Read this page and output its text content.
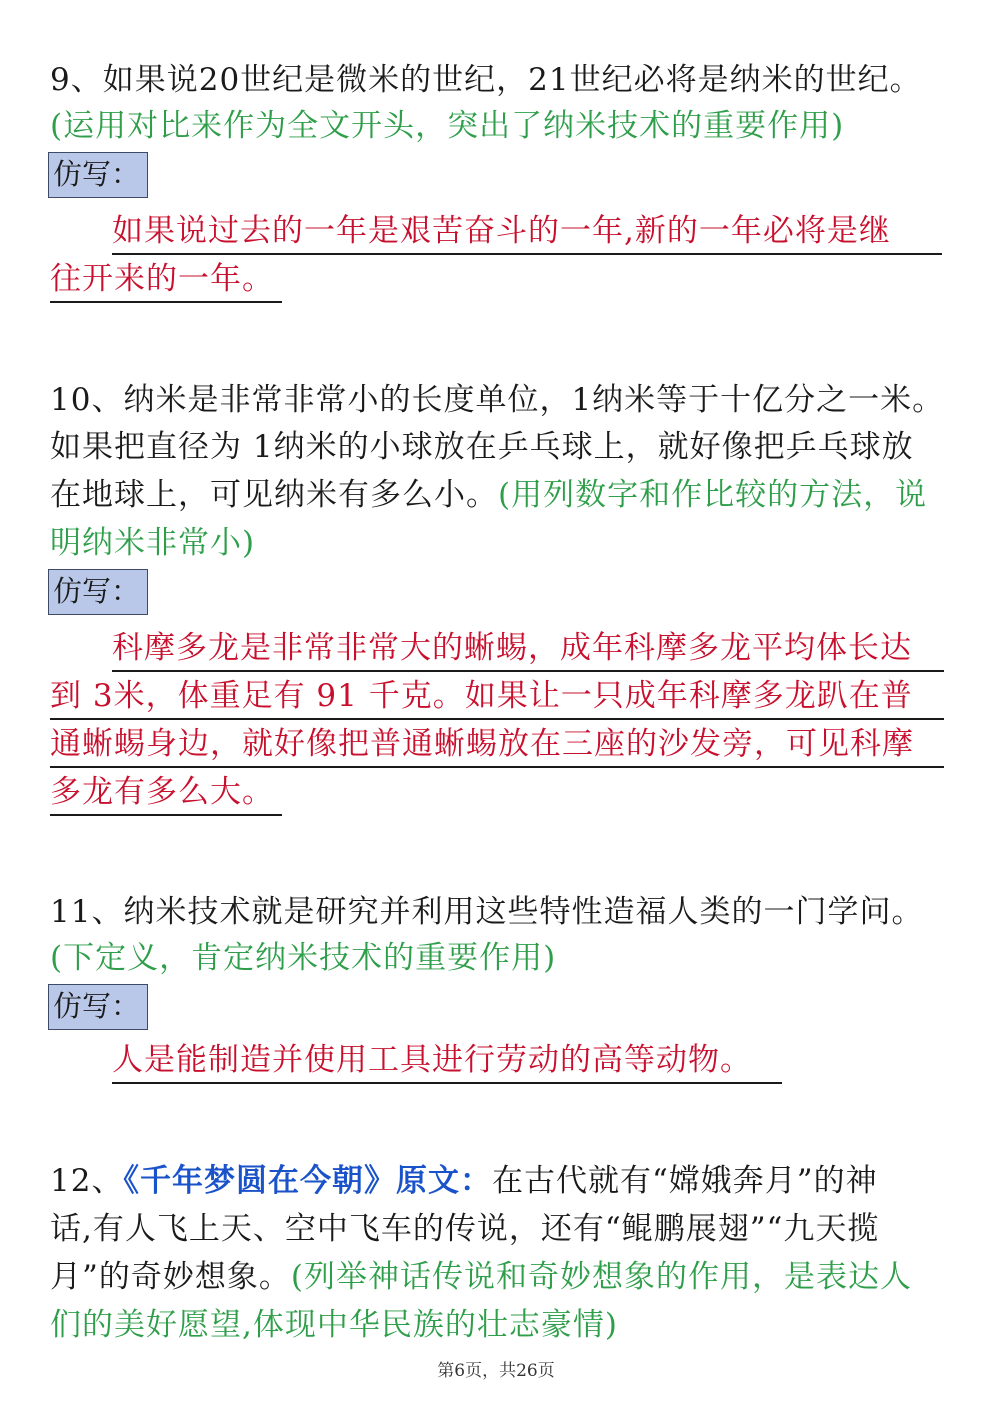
9、如果说20世纪是微米的世纪，21世纪必将是纳米的世纪。
(运用对比来作为全文开头，突出了纳米技术的重要作用)
仿写：
如果说过去的一年是艰苦奋斗的一年,新的一年必将是继
往开来的一年。
10、纳米是非常非常小的长度单位，1纳米等于十亿分之一米。
如果把直径为 1纳米的小球放在乒乓球上，就好像把乒乓球放
在地球上，可见纳米有多么小。(用列数字和作比较的方法，说
明纳米非常小)
仿写：
科摩多龙是非常非常大的蜥蜴，成年科摩多龙平均体长达
到 3米，体重足有 91 千克。如果让一只成年科摩多龙趴在普
通蜥蜴身边，就好像把普通蜥蜴放在三座的沙发旁，可见科摩
多龙有多么大。
11、纳米技术就是研究并利用这些特性造福人类的一门学问。
(下定义，肯定纳米技术的重要作用)
仿写：
人是能制造并使用工具进行劳动的高等动物。
12、《千年梦圆在今朝》原文：在古代就有“嫦娥奔月”的神
话,有人飞上天、空中飞车的传说，还有“鲲鹏展翅”“九天揽
月”的奇妙想象。(列举神话传说和奇妙想象的作用，是表达人
们的美好愿望,体现中华民族的壮志豪情)
第6页，共26页
